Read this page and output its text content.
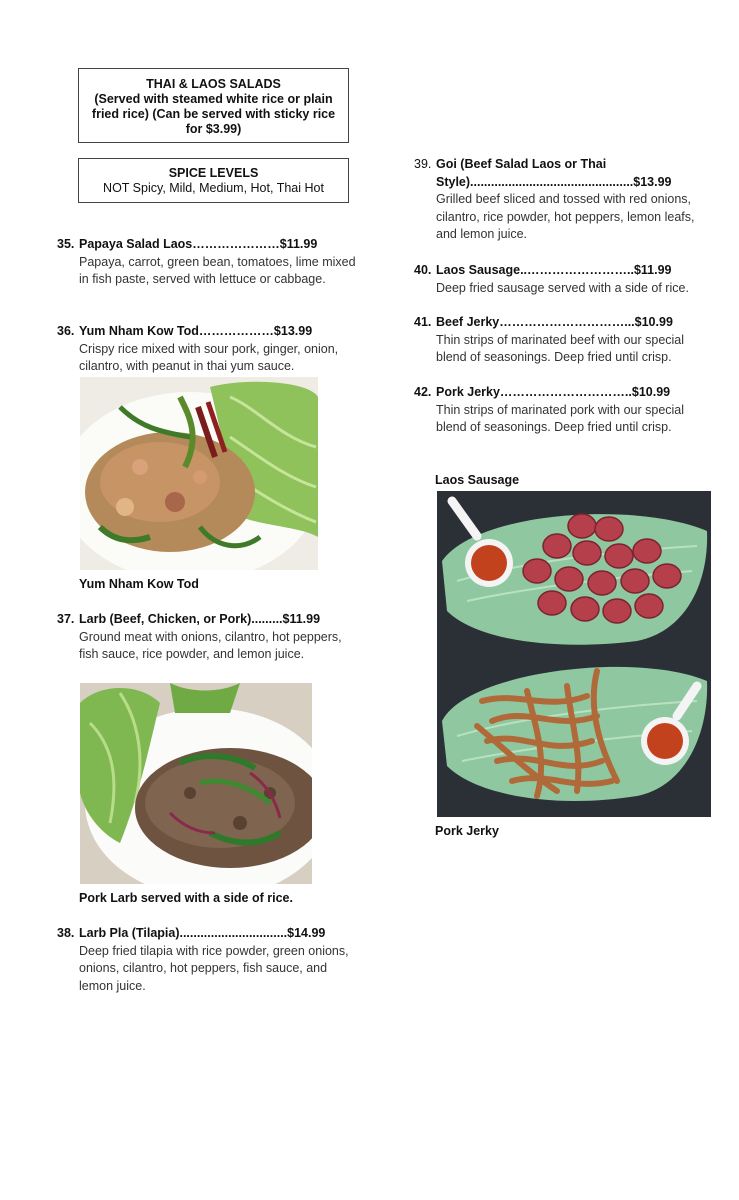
THAI & LAOS SALADS

(Served with steamed white rice or plain fried rice) (Can be served with sticky rice for $3.99)
SPICE LEVELS
NOT Spicy, Mild, Medium, Hot, Thai Hot
35. Papaya Salad Laos…………………$11.99
Papaya, carrot, green bean, tomatoes, lime mixed in fish paste, served with lettuce or cabbage.
36. Yum Nham Kow Tod………………$13.99
Crispy rice mixed with sour pork, ginger, onion, cilantro, with peanut in thai yum sauce.
Yum Nham Kow Tod
37. Larb (Beef, Chicken, or Pork).........$11.99
Ground meat with onions, cilantro, hot peppers, fish sauce, rice powder, and lemon juice.
Pork Larb served with a side of rice.
38. Larb Pla (Tilapia)...............................$14.99
Deep fried tilapia with rice powder, green onions, onions, cilantro, hot peppers, fish sauce, and lemon juice.
39. Goi (Beef Salad Laos or Thai Style)...............................................$13.99
Grilled beef sliced and tossed with red onions, cilantro, rice powder, hot peppers, lemon leafs, and lemon juice.
40. Laos Sausage..……………………..$11.99
Deep fried sausage served with a side of rice.
41. Beef Jerky…………………………...$10.99
Thin strips of marinated beef with our special blend of seasonings. Deep fried until crisp.
42. Pork Jerky…………………………..$10.99
Thin strips of marinated pork with our special blend of seasonings. Deep fried until crisp.
Laos Sausage
Pork Jerky
